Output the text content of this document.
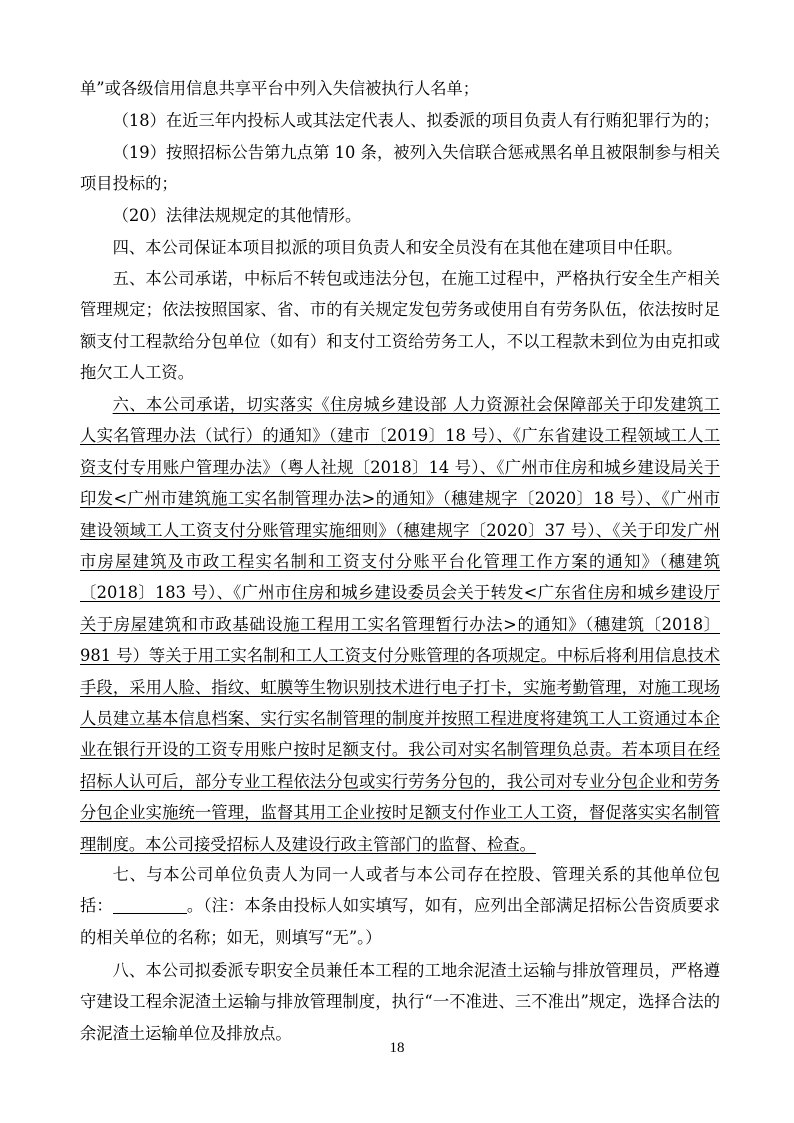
单”或各级信用信息共享平台中列入失信被执行人名单；

（18）在近三年内投标人或其法定代表人、拟委派的项目负责人有行贿犯罪行为的；

（19）按照招标公告第九点第 10 条，被列入失信联合惩戒黑名单且被限制参与相关项目投标的；

（20）法律法规规定的其他情形。

四、本公司保证本项目拟派的项目负责人和安全员没有在其他在建项目中任职。

五、本公司承诺，中标后不转包或违法分包，在施工过程中，严格执行安全生产相关管理规定；依法按照国家、省、市的有关规定发包劳务或使用自有劳务队伍，依法按时足额支付工程款给分包单位（如有）和支付工资给劳务工人，不以工程款未到位为由克扣或拖欠工人工资。

六、本公司承诺，切实落实《住房城乡建设部 人力资源社会保障部关于印发建筑工人实名管理办法（试行）的通知》（建市〔2019〕18 号）、《广东省建设工程领域工人工资支付专用账户管理办法》（粤人社规〔2018〕14 号）、《广州市住房和城乡建设局关于印发<广州市建筑施工实名制管理办法>的通知》（穗建规字〔2020〕18 号）、《广州市建设领域工人工资支付分账管理实施细则》（穗建规字〔2020〕37 号）、《关于印发广州市房屋建筑及市政工程实名制和工资支付分账平台化管理工作方案的通知》（穗建筑〔2018〕183 号）、《广州市住房和城乡建设委员会关于转发<广东省住房和城乡建设厅关于房屋建筑和市政基础设施工程用工实名管理暂行办法>的通知》（穗建筑〔2018〕981 号）等关于用工实名制和工人工资支付分账管理的各项规定。中标后将利用信息技术手段，采用人脸、指纹、虹膜等生物识别技术进行电子打卡，实施考勤管理，对施工现场人员建立基本信息档案、实行实名制管理的制度并按照工程进度将建筑工人工资通过本企业在银行开设的工资专用账户按时足额支付。我公司对实名制管理负总责。若本项目在经招标人认可后，部分专业工程依法分包或实行劳务分包的，我公司对专业分包企业和劳务分包企业实施统一管理，监督其用工企业按时足额支付作业工人工资，督促落实实名制管理制度。本公司接受招标人及建设行政主管部门的监督、检查。

七、与本公司单位负责人为同一人或者与本公司存在控股、管理关系的其他单位包括：	。（注：本条由投标人如实填写，如有，应列出全部满足招标公告资质要求的相关单位的名称；如无，则填写“无”。）

八、本公司拟委派专职安全员兼任本工程的工地余泥渣土运输与排放管理员，严格遵守建设工程余泥渣土运输与排放管理制度，执行“一不准进、三不准出”规定，选择合法的余泥渣土运输单位及排放点。

18
